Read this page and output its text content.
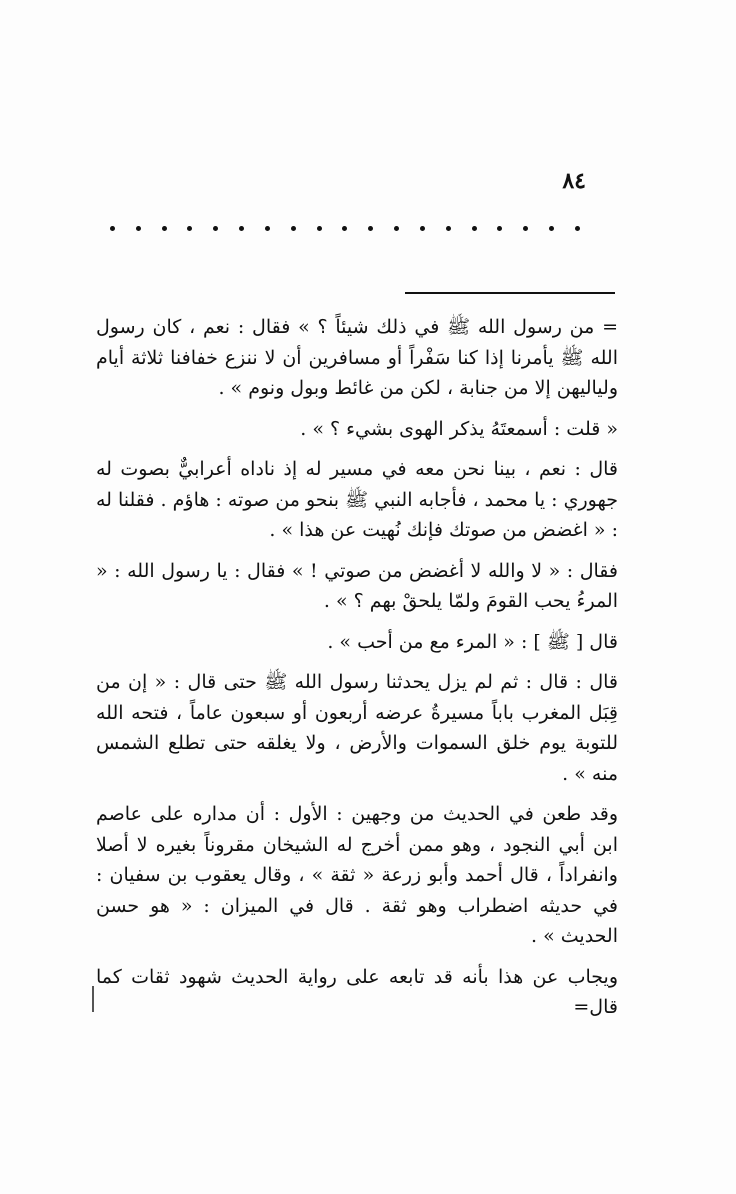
٨٤

= من رسول الله ﷺ في ذلك شيئاً ؟ » فقال : نعم ، كان رسول الله ﷺ يأمرنا إذا كنا سَفْراً أو مسافرين أن لا ننزع خفافنا ثلاثة أيام ولياليهن إلا من جنابة ، لكن من غائط وبول ونوم » .

« قلت : أسمعتَهُ يذكر الهوى بشيء ؟ » .

قال : نعم ، بينا نحن معه في مسير له إذ ناداه أعرابيٌّ بصوت له جهوري : يا محمد ، فأجابه النبي ﷺ بنحو من صوته : هاؤم . فقلنا له : « اغضض من صوتك فإنك نُهيت عن هذا » .

فقال : « لا والله لا أغضض من صوتي ! » فقال : يا رسول الله : « المرءُ يحب القومَ ولمّا يلحقْ بهم ؟ » .

قال [ ﷺ ] : « المرء مع من أحب » .

قال : قال : ثم لم يزل يحدثنا رسول الله ﷺ حتى قال : « إن من قِبَل المغرب باباً مسيرةُ عرضه أربعون أو سبعون عاماً ، فتحه الله للتوبة يوم خلق السموات والأرض ، ولا يغلقه حتى تطلع الشمس منه » .

وقد طعن في الحديث من وجهين : الأول : أن مداره على عاصم ابن أبي النجود ، وهو ممن أخرج له الشيخان مقروناً بغيره لا أصلا وانفراداً ، قال أحمد وأبو زرعة « ثقة » ، وقال يعقوب بن سفيان : في حديثه اضطراب وهو ثقة . قال في الميزان : « هو حسن الحديث » .

ويجاب عن هذا بأنه قد تابعه على رواية الحديث شهود ثقات كما قال=
